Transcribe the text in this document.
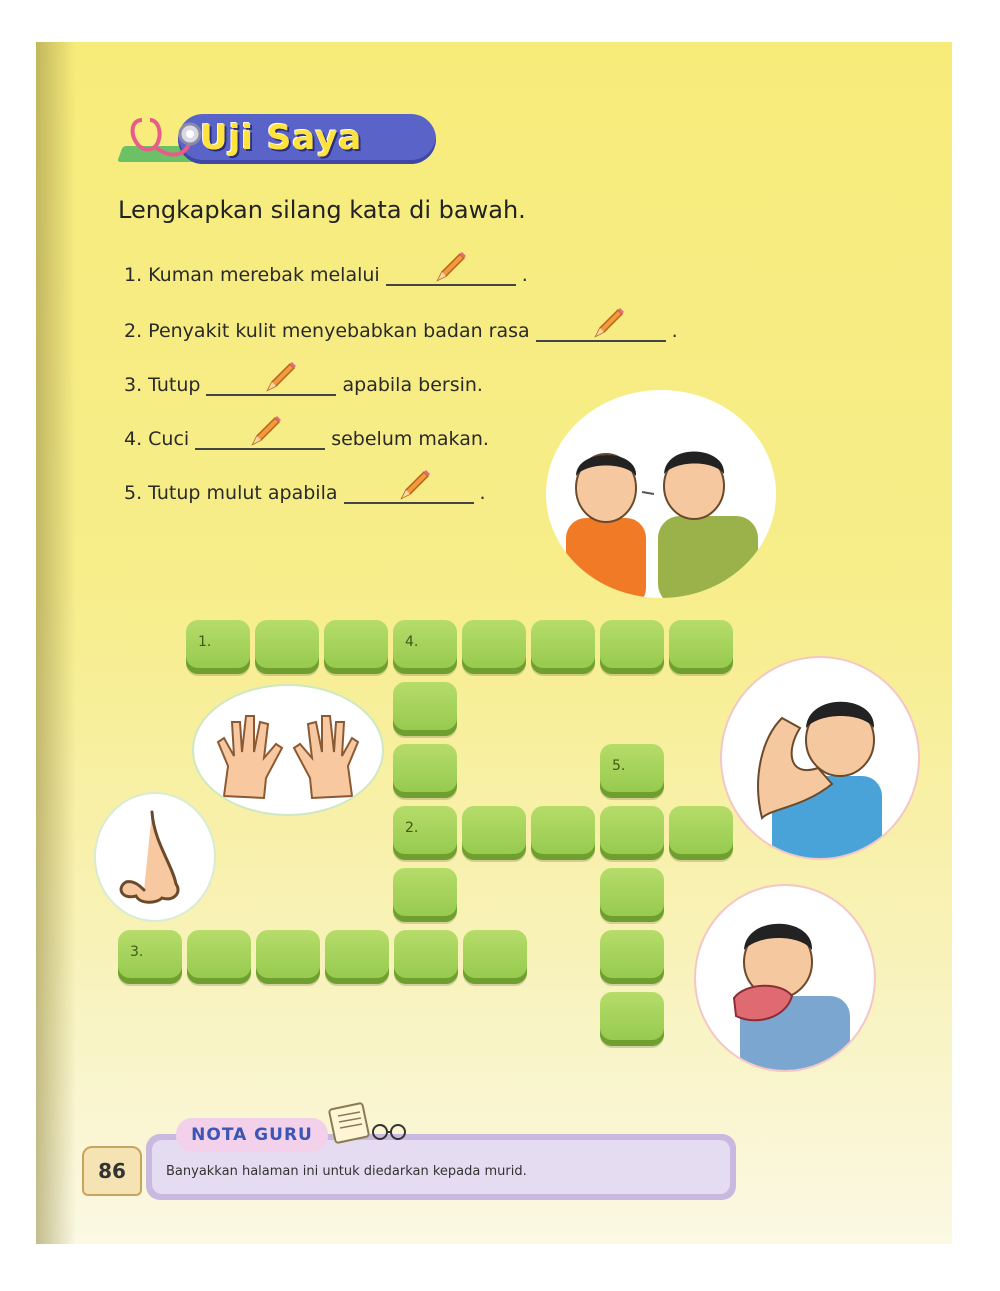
Uji Saya
Lengkapkan silang kata di bawah.
1. Kuman merebak melalui	.
2. Penyakit kulit menyebabkan badan rasa	.
3. Tutup	apabila bersin.
4. Cuci	sebelum makan.
5. Tutup mulut apabila	.
1.	4.
5.
2.
3.
86
NOTA GURU
Banyakkan halaman ini untuk diedarkan kepada murid.
